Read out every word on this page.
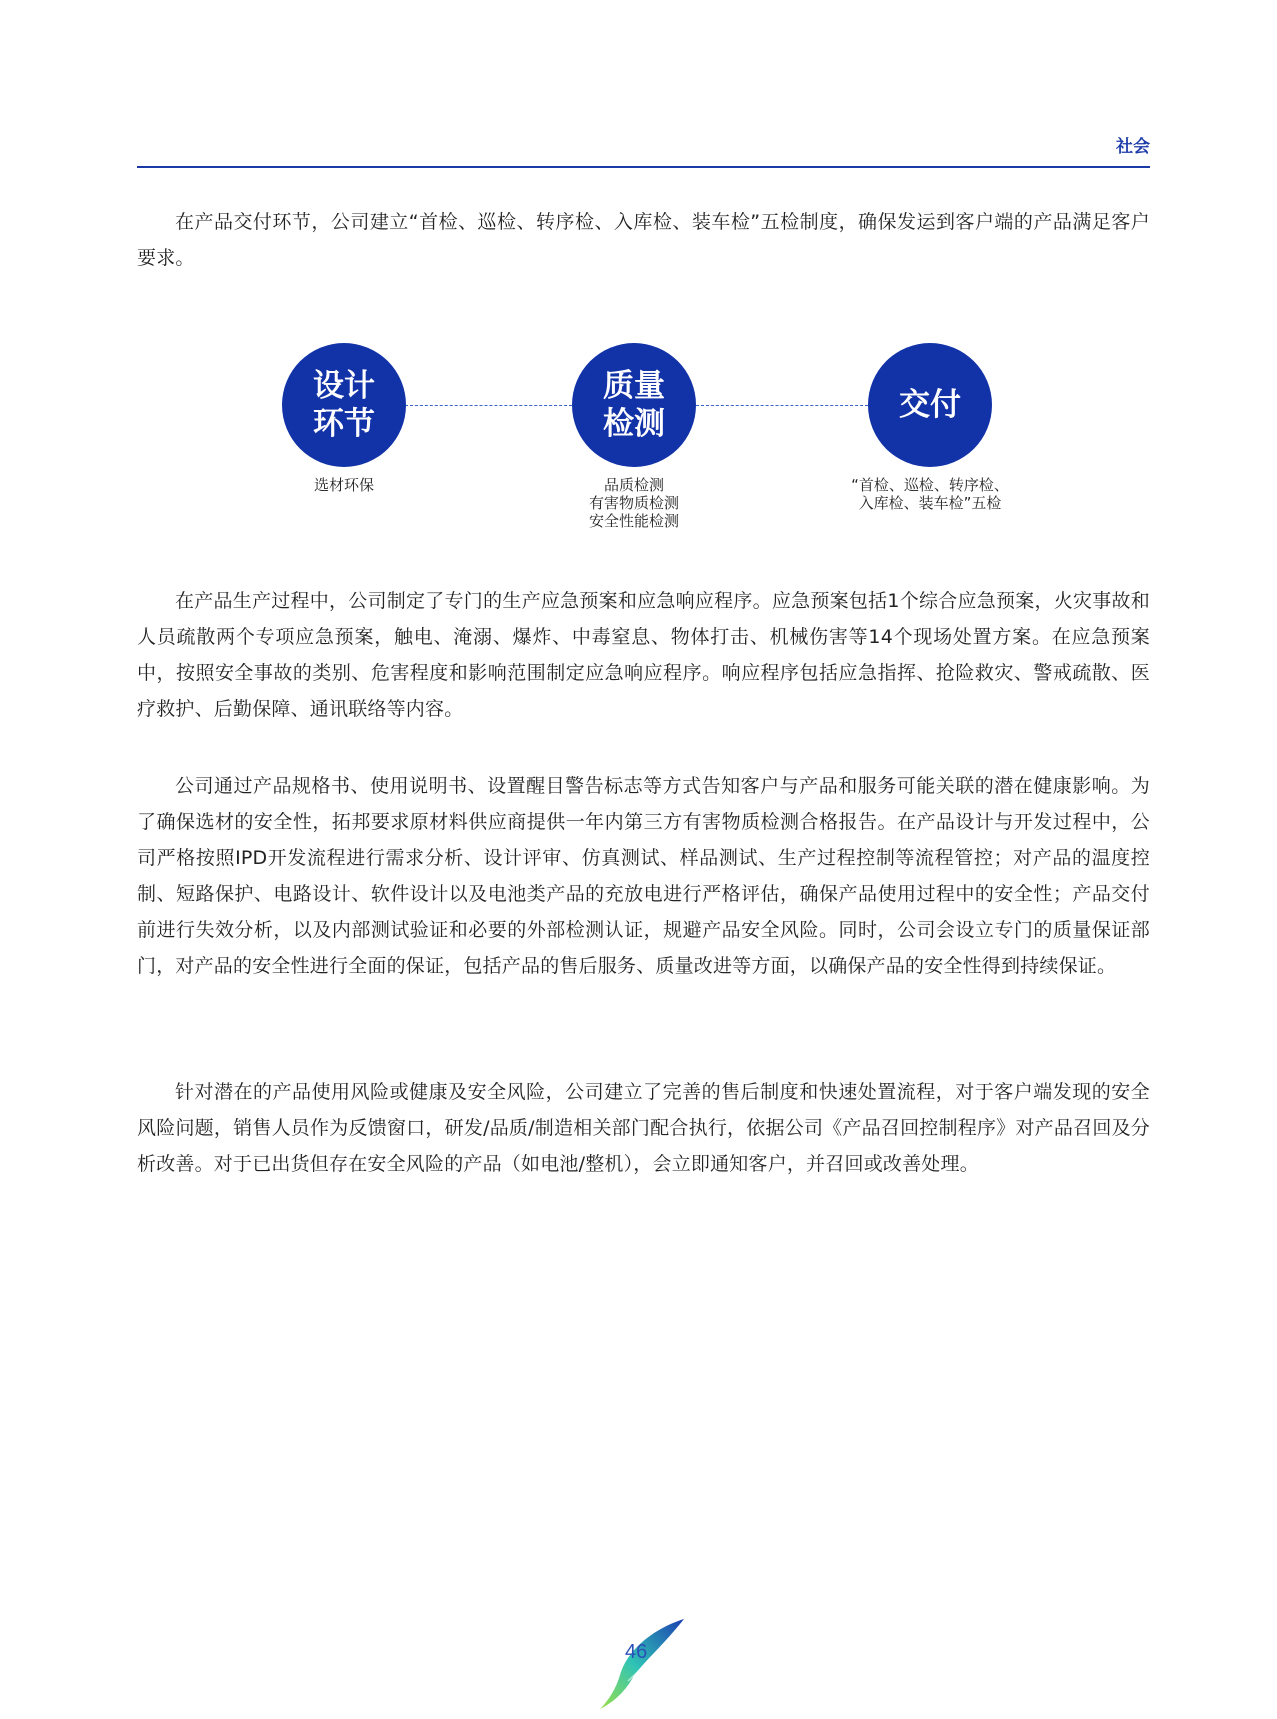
社会

在产品交付环节，公司建立“首检、巡检、转序检、入库检、装车检”五检制度，确保发运到客户端的产品满足客户要求。

设计
环节
质量
检测
交付
选材环保	品质检测
有害物质检测
安全性能检测
“首检、巡检、转序检、
入库检、装车检”五检

在产品生产过程中，公司制定了专门的生产应急预案和应急响应程序。应急预案包括1个综合应急预案，火灾事故和人员疏散两个专项应急预案，触电、淹溺、爆炸、中毒窒息、物体打击、机械伤害等14个现场处置方案。在应急预案中，按照安全事故的类别、危害程度和影响范围制定应急响应程序。响应程序包括应急指挥、抢险救灾、警戒疏散、医疗救护、后勤保障、通讯联络等内容。

公司通过产品规格书、使用说明书、设置醒目警告标志等方式告知客户与产品和服务可能关联的潜在健康影响。为了确保选材的安全性，拓邦要求原材料供应商提供一年内第三方有害物质检测合格报告。在产品设计与开发过程中，公司严格按照IPD开发流程进行需求分析、设计评审、仿真测试、样品测试、生产过程控制等流程管控；对产品的温度控制、短路保护、电路设计、软件设计以及电池类产品的充放电进行严格评估，确保产品使用过程中的安全性；产品交付前进行失效分析，以及内部测试验证和必要的外部检测认证，规避产品安全风险。同时，公司会设立专门的质量保证部门，对产品的安全性进行全面的保证，包括产品的售后服务、质量改进等方面，以确保产品的安全性得到持续保证。

针对潜在的产品使用风险或健康及安全风险，公司建立了完善的售后制度和快速处置流程，对于客户端发现的安全风险问题，销售人员作为反馈窗口，研发/品质/制造相关部门配合执行，依据公司《产品召回控制程序》对产品召回及分析改善。对于已出货但存在安全风险的产品（如电池/整机），会立即通知客户，并召回或改善处理。

46
